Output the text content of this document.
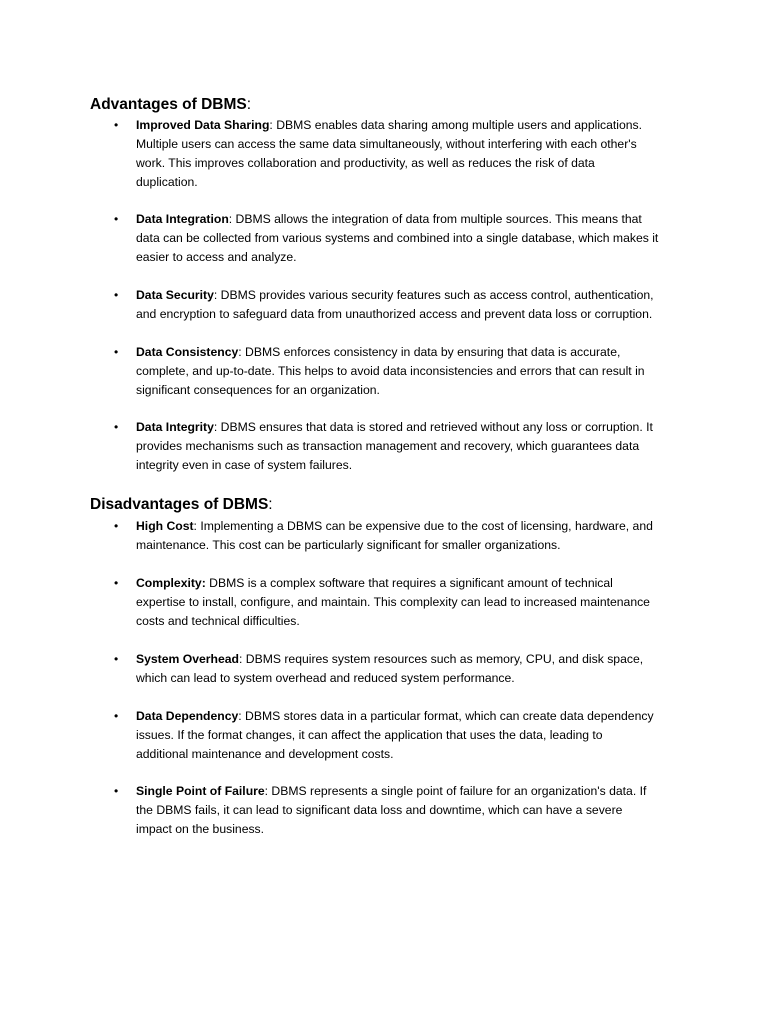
Advantages of DBMS:
•	Improved Data Sharing: DBMS enables data sharing among multiple users and applications.
Multiple users can access the same data simultaneously, without interfering with each other's
work. This improves collaboration and productivity, as well as reduces the risk of data
duplication.
•	Data Integration: DBMS allows the integration of data from multiple sources. This means that
data can be collected from various systems and combined into a single database, which makes it
easier to access and analyze.
•	Data Security: DBMS provides various security features such as access control, authentication,
and encryption to safeguard data from unauthorized access and prevent data loss or corruption.
•	Data Consistency: DBMS enforces consistency in data by ensuring that data is accurate,
complete, and up-to-date. This helps to avoid data inconsistencies and errors that can result in
significant consequences for an organization.
•	Data Integrity: DBMS ensures that data is stored and retrieved without any loss or corruption. It
provides mechanisms such as transaction management and recovery, which guarantees data
integrity even in case of system failures.
Disadvantages of DBMS:
•	High Cost: Implementing a DBMS can be expensive due to the cost of licensing, hardware, and
maintenance. This cost can be particularly significant for smaller organizations.
•	Complexity: DBMS is a complex software that requires a significant amount of technical
expertise to install, configure, and maintain. This complexity can lead to increased maintenance
costs and technical difficulties.
•	System Overhead: DBMS requires system resources such as memory, CPU, and disk space,
which can lead to system overhead and reduced system performance.
•	Data Dependency: DBMS stores data in a particular format, which can create data dependency
issues. If the format changes, it can affect the application that uses the data, leading to
additional maintenance and development costs.
•	Single Point of Failure: DBMS represents a single point of failure for an organization's data. If
the DBMS fails, it can lead to significant data loss and downtime, which can have a severe
impact on the business.
